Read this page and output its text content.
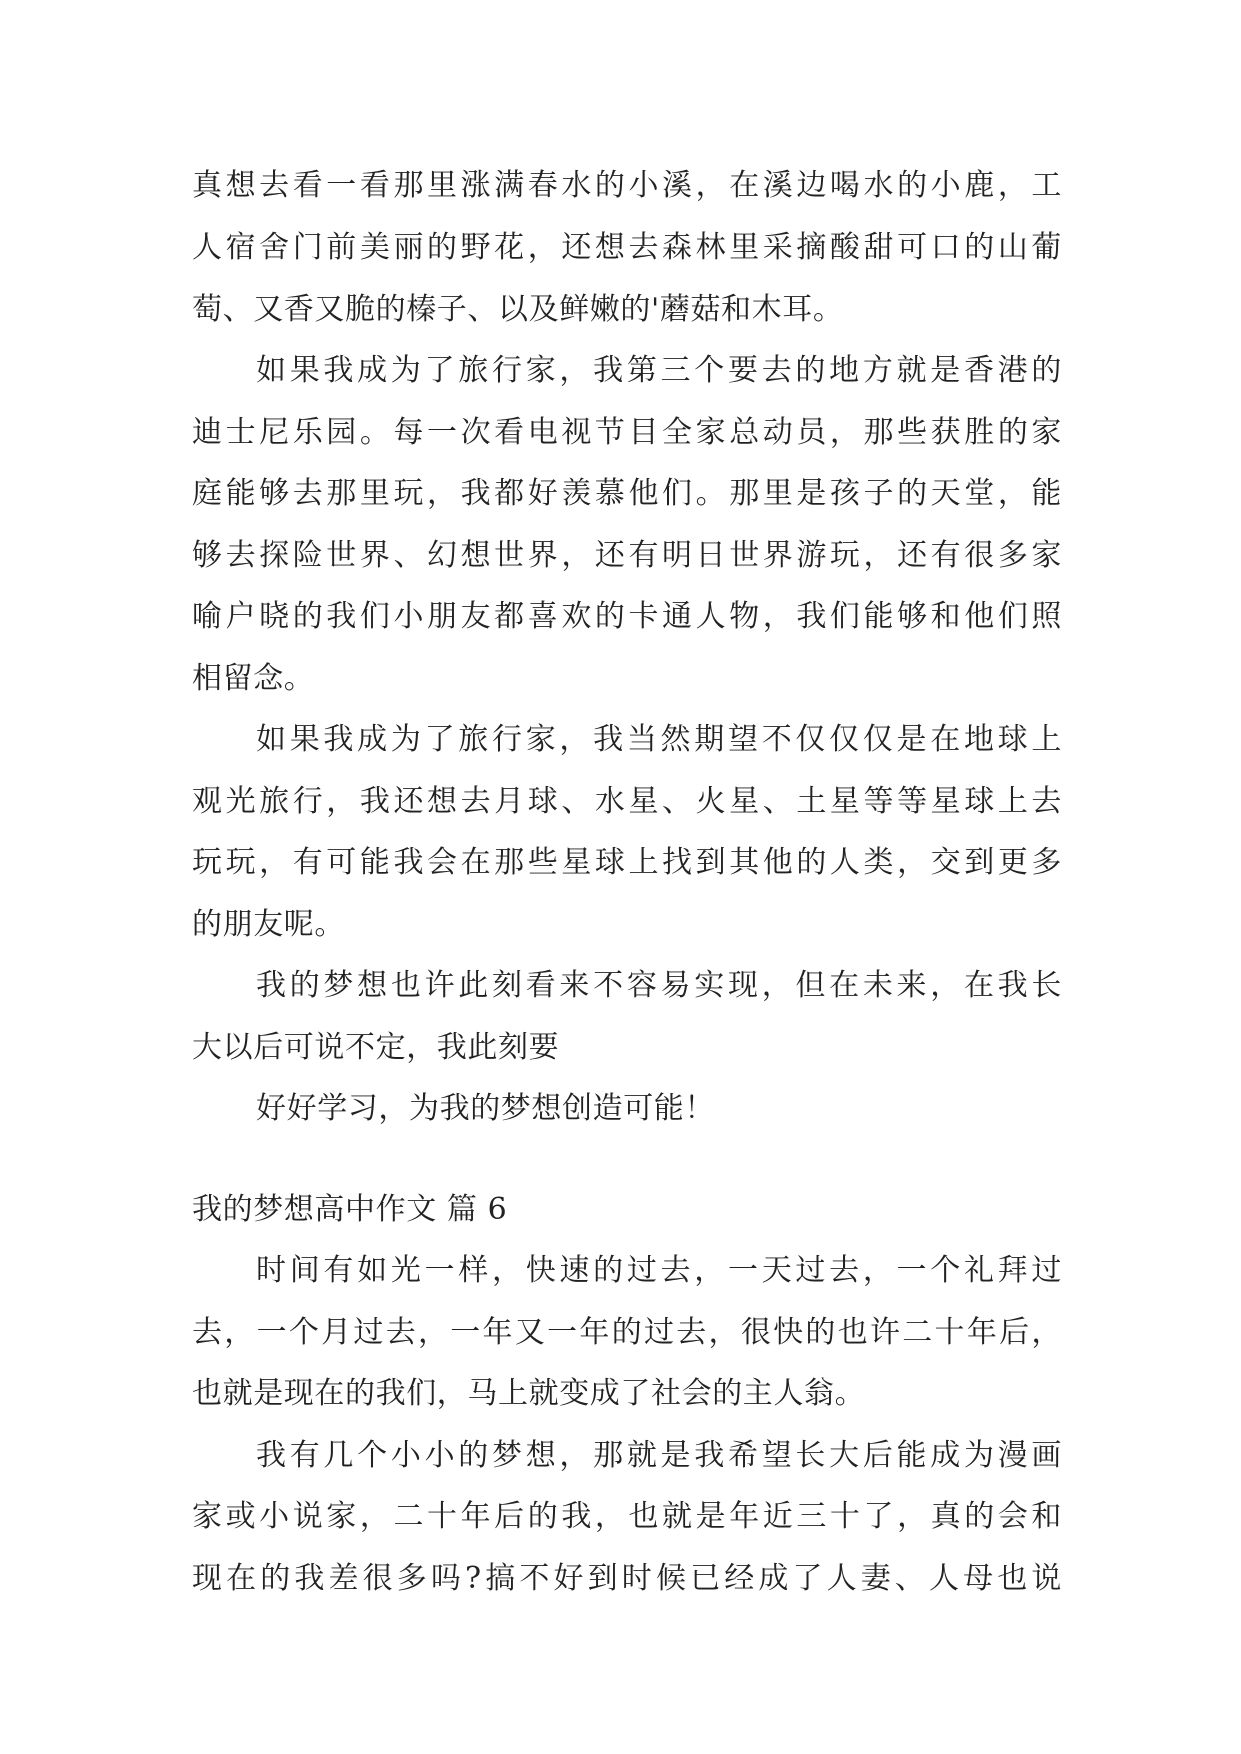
真想去看一看那里涨满春水的小溪，在溪边喝水的小鹿，工
人宿舍门前美丽的野花，还想去森林里采摘酸甜可口的山葡
萄、又香又脆的榛子、以及鲜嫩的'蘑菇和木耳。
如果我成为了旅行家，我第三个要去的地方就是香港的
迪士尼乐园。每一次看电视节目全家总动员，那些获胜的家
庭能够去那里玩，我都好羡慕他们。那里是孩子的天堂，能
够去探险世界、幻想世界，还有明日世界游玩，还有很多家
喻户晓的我们小朋友都喜欢的卡通人物，我们能够和他们照
相留念。
如果我成为了旅行家，我当然期望不仅仅仅是在地球上
观光旅行，我还想去月球、水星、火星、土星等等星球上去
玩玩，有可能我会在那些星球上找到其他的人类，交到更多
的朋友呢。
我的梦想也许此刻看来不容易实现，但在未来，在我长
大以后可说不定，我此刻要
好好学习，为我的梦想创造可能！
我的梦想高中作文 篇 6
时间有如光一样，快速的过去，一天过去，一个礼拜过
去，一个月过去，一年又一年的过去，很快的也许二十年后，
也就是现在的我们，马上就变成了社会的主人翁。
我有几个小小的梦想，那就是我希望长大后能成为漫画
家或小说家，二十年后的我，也就是年近三十了，真的会和
现在的我差很多吗?搞不好到时候已经成了人妻、人母也说
